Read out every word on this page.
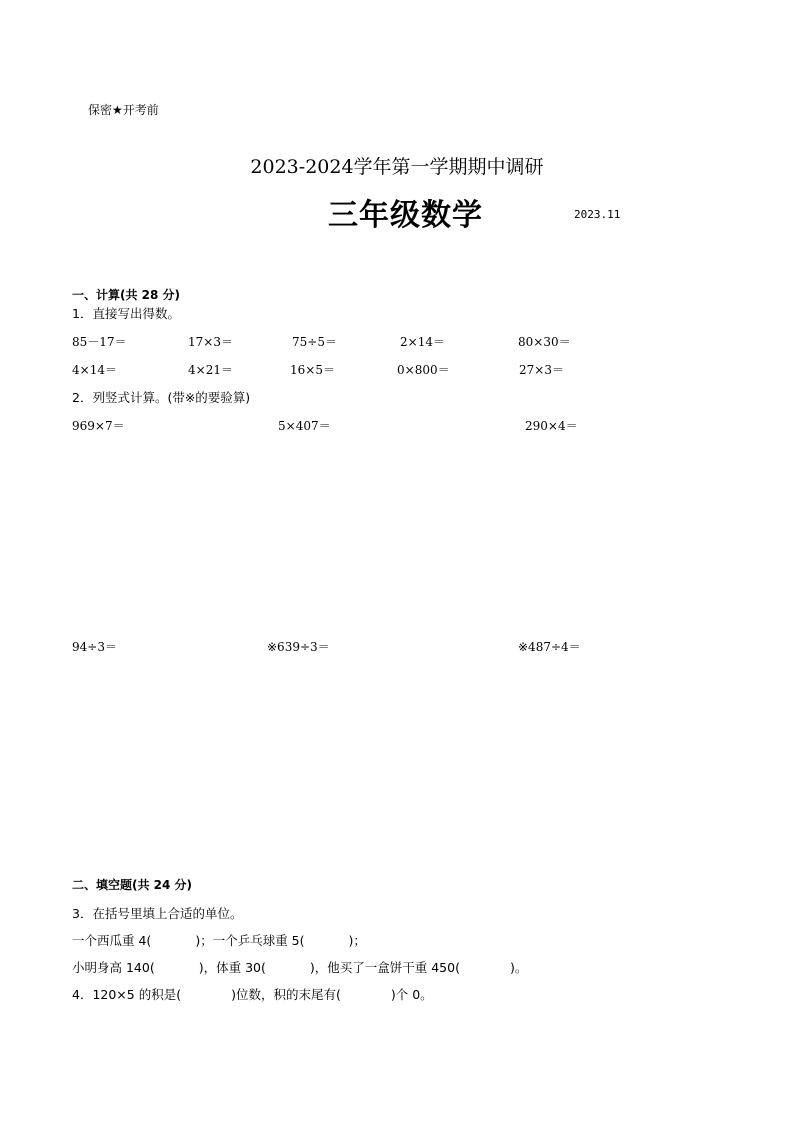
保密★开考前
2023-2024学年第一学期期中调研
三年级数学	2023.11
一、计算(共 28 分)
1．直接写出得数。
85－17＝	17×3＝	75÷5＝	2×14＝	80×30＝
4×14＝	4×21＝	16×5＝	0×800＝	27×3＝
2．列竖式计算。(带※的要验算)
969×7＝	5×407＝	290×4＝
94÷3＝	※639÷3＝	※487÷4＝
二、填空题(共 24 分)
3．在括号里填上合适的单位。
一个西瓜重 4(	)；一个乒乓球重 5(	)；
小明身高 140(	)，体重 30(	)，他买了一盒饼干重 450(	)。
4．120×5 的积是(	)位数，积的末尾有(	)个 0。
